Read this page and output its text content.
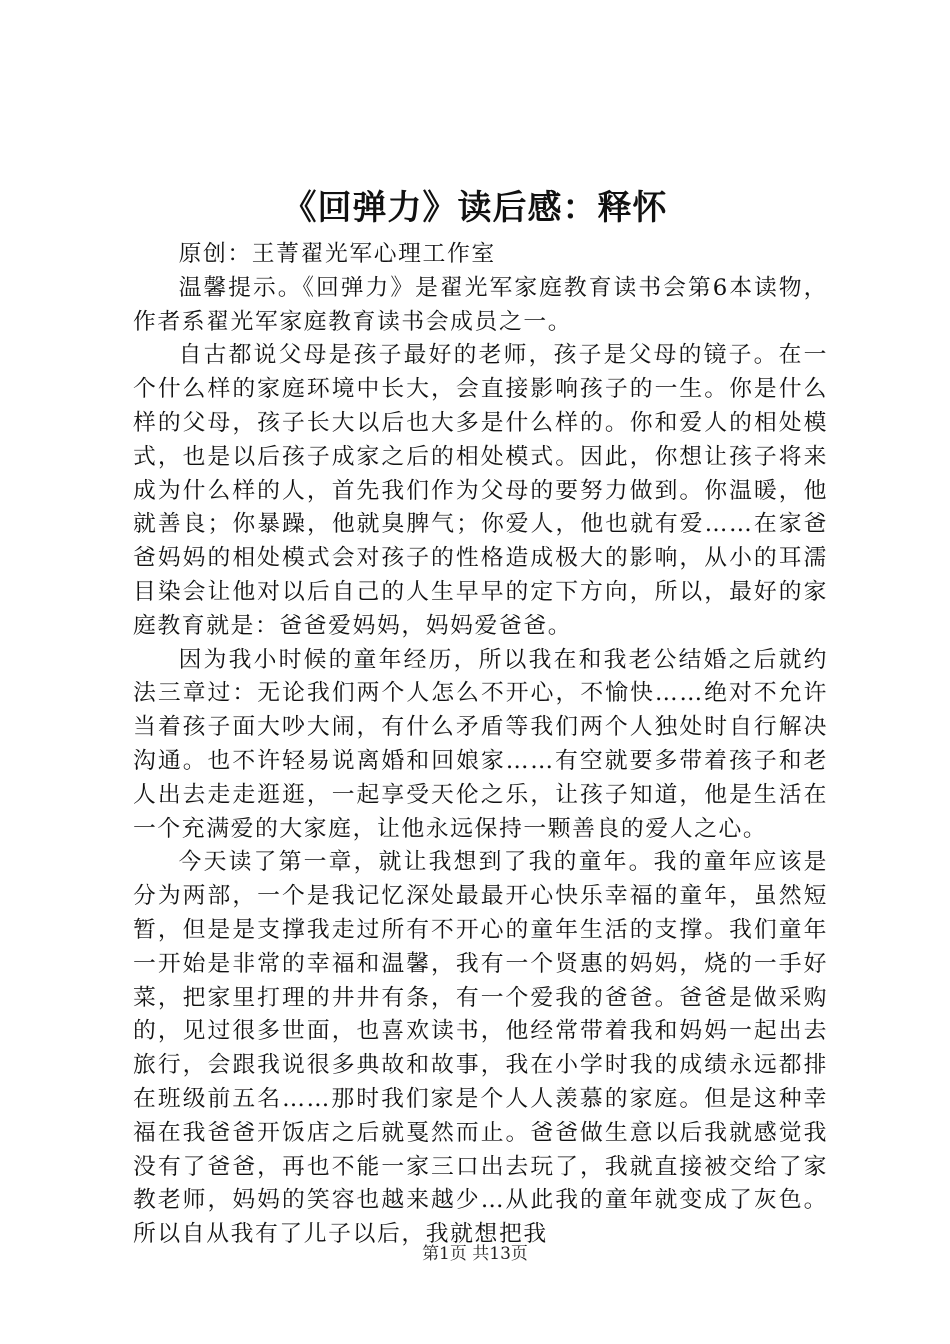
《回弹力》读后感：释怀

原创：王菁翟光军心理工作室

温馨提示。《回弹力》是翟光军家庭教育读书会第6本读物，作者系翟光军家庭教育读书会成员之一。

自古都说父母是孩子最好的老师，孩子是父母的镜子。在一个什么样的家庭环境中长大，会直接影响孩子的一生。你是什么样的父母，孩子长大以后也大多是什么样的。你和爱人的相处模式，也是以后孩子成家之后的相处模式。因此，你想让孩子将来成为什么样的人，首先我们作为父母的要努力做到。你温暖，他就善良；你暴躁，他就臭脾气；你爱人，他也就有爱……在家爸爸妈妈的相处模式会对孩子的性格造成极大的影响，从小的耳濡目染会让他对以后自己的人生早早的定下方向，所以，最好的家庭教育就是：爸爸爱妈妈，妈妈爱爸爸。

因为我小时候的童年经历，所以我在和我老公结婚之后就约法三章过：无论我们两个人怎么不开心，不愉快……绝对不允许当着孩子面大吵大闹，有什么矛盾等我们两个人独处时自行解决沟通。也不许轻易说离婚和回娘家……有空就要多带着孩子和老人出去走走逛逛，一起享受天伦之乐，让孩子知道，他是生活在一个充满爱的大家庭，让他永远保持一颗善良的爱人之心。

今天读了第一章，就让我想到了我的童年。我的童年应该是分为两部，一个是我记忆深处最最开心快乐幸福的童年，虽然短暂，但是是支撑我走过所有不开心的童年生活的支撑。我们童年一开始是非常的幸福和温馨，我有一个贤惠的妈妈，烧的一手好菜，把家里打理的井井有条，有一个爱我的爸爸。爸爸是做采购的，见过很多世面，也喜欢读书，他经常带着我和妈妈一起出去旅行，会跟我说很多典故和故事，我在小学时我的成绩永远都排在班级前五名……那时我们家是个人人羡慕的家庭。但是这种幸福在我爸爸开饭店之后就戛然而止。爸爸做生意以后我就感觉我没有了爸爸，再也不能一家三口出去玩了，我就直接被交给了家教老师，妈妈的笑容也越来越少…从此我的童年就变成了灰色。所以自从我有了儿子以后，我就想把我

第1页 共13页
